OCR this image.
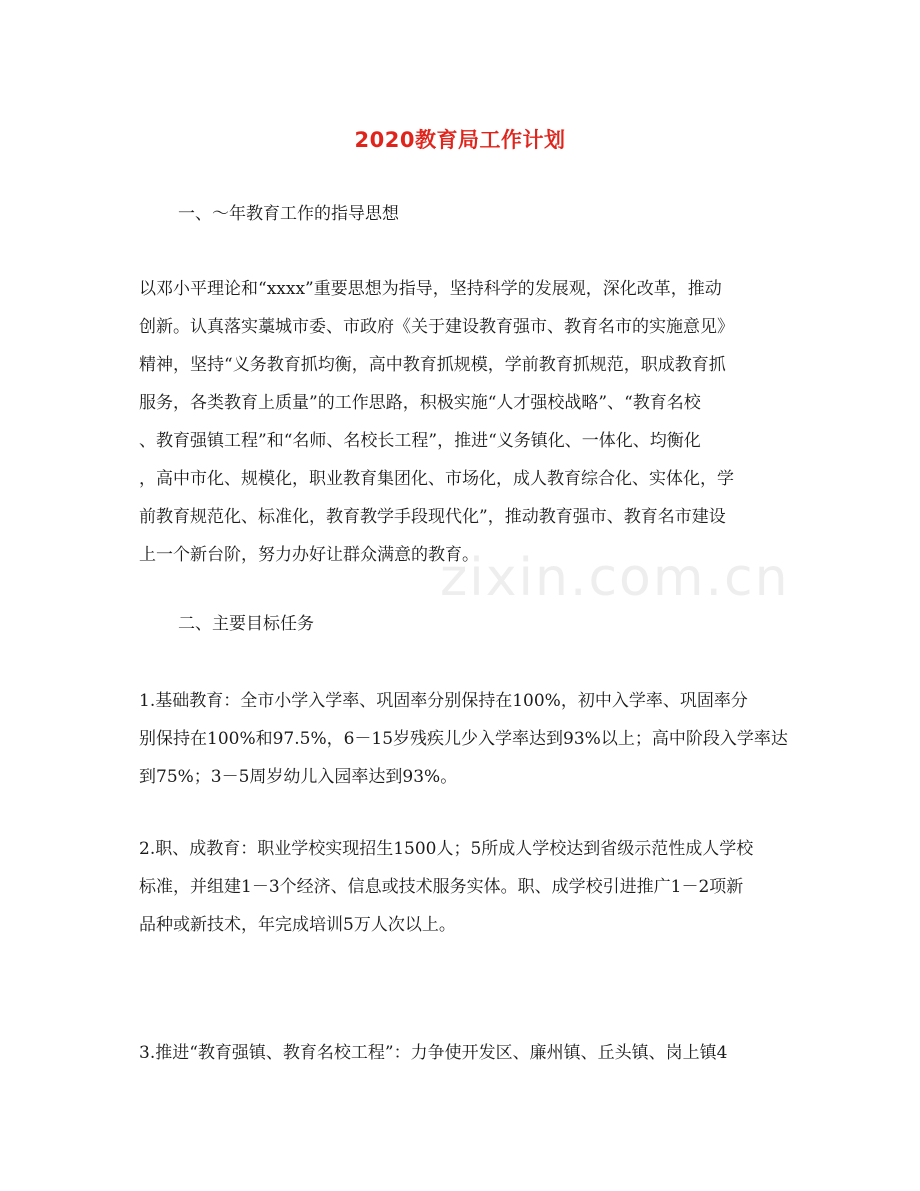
2020教育局工作计划
一、～年教育工作的指导思想
以邓小平理论和“xxxx”重要思想为指导，坚持科学的发展观，深化改革，推动
创新。认真落实藁城市委、市政府《关于建设教育强市、教育名市的实施意见》
精神，坚持“义务教育抓均衡，高中教育抓规模，学前教育抓规范，职成教育抓
服务，各类教育上质量”的工作思路，积极实施“人才强校战略”、“教育名校
、教育强镇工程”和“名师、名校长工程”，推进“义务镇化、一体化、均衡化
，高中市化、规模化，职业教育集团化、市场化，成人教育综合化、实体化，学
前教育规范化、标准化，教育教学手段现代化”，推动教育强市、教育名市建设
上一个新台阶，努力办好让群众满意的教育。
二、主要目标任务
1.基础教育：全市小学入学率、巩固率分别保持在100%，初中入学率、巩固率分
别保持在100%和97.5%，6－15岁残疾儿少入学率达到93%以上；高中阶段入学率达
到75%；3－5周岁幼儿入园率达到93%。
2.职、成教育：职业学校实现招生1500人；5所成人学校达到省级示范性成人学校
标准，并组建1－3个经济、信息或技术服务实体。职、成学校引进推广1－2项新
品种或新技术，年完成培训5万人次以上。
3.推进“教育强镇、教育名校工程”：力争使开发区、廉州镇、丘头镇、岗上镇4
zixin.com.cn
